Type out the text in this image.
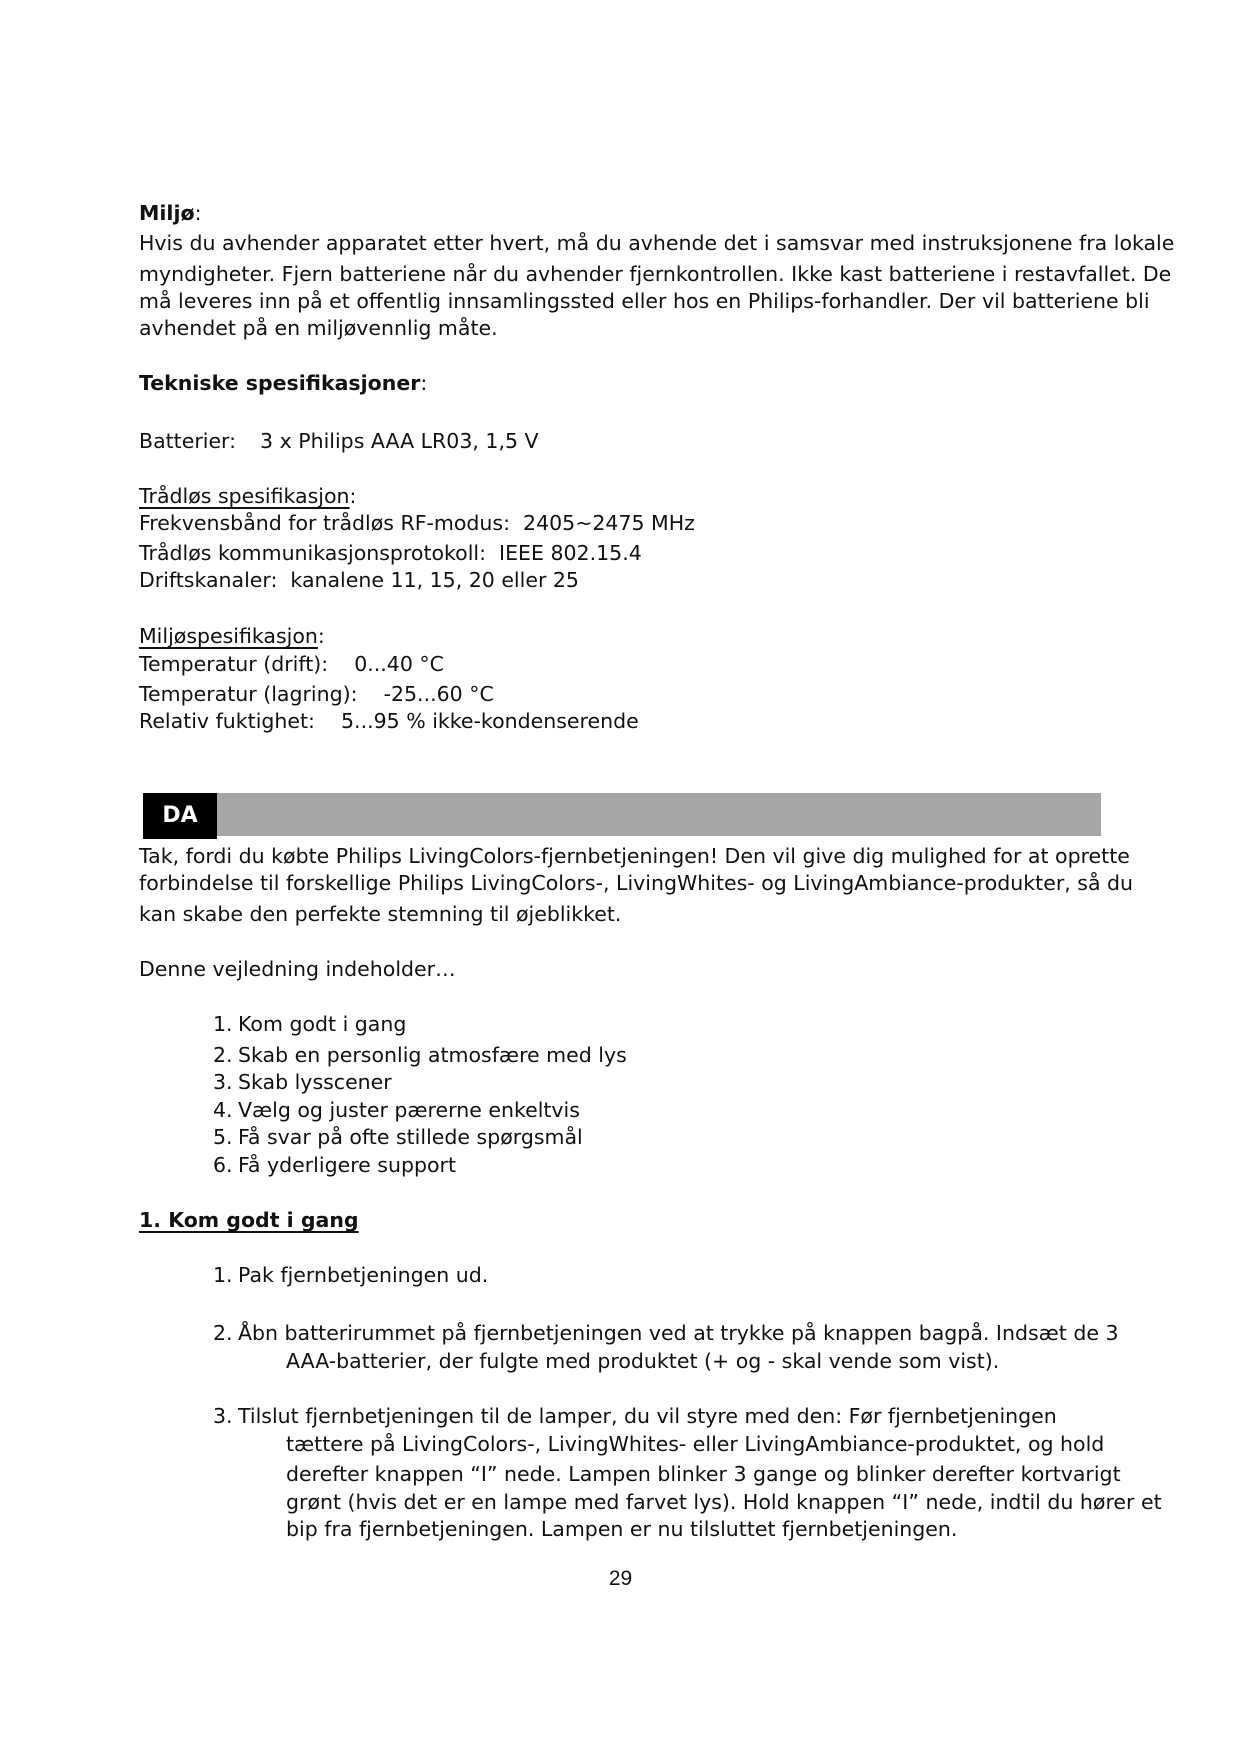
Miljø:
Hvis du avhender apparatet etter hvert, må du avhende det i samsvar med instruksjonene fra lokale
myndigheter. Fjern batteriene når du avhender fjernkontrollen. Ikke kast batteriene i restavfallet. De
må leveres inn på et offentlig innsamlingssted eller hos en Philips-forhandler. Der vil batteriene bli
avhendet på en miljøvennlig måte.
Tekniske spesifikasjoner:
Batterier: 3 x Philips AAA LR03, 1,5 V
Trådløs spesifikasjon:
Frekvensbånd for trådløs RF-modus:  2405~2475 MHz
Trådløs kommunikasjonsprotokoll:  IEEE 802.15.4
Driftskanaler:  kanalene 11, 15, 20 eller 25
Miljøspesifikasjon:
Temperatur (drift):    0...40 °C
Temperatur (lagring):    -25...60 °C
Relativ fuktighet:    5...95 % ikke-kondenserende
DA
Tak, fordi du købte Philips LivingColors-fjernbetjeningen! Den vil give dig mulighed for at oprette
forbindelse til forskellige Philips LivingColors-, LivingWhites- og LivingAmbiance-produkter, så du
kan skabe den perfekte stemning til øjeblikket.
Denne vejledning indeholder…
1. Kom godt i gang
2. Skab en personlig atmosfære med lys
3. Skab lysscener
4. Vælg og juster pærerne enkeltvis
5. Få svar på ofte stillede spørgsmål
6. Få yderligere support
1. Kom godt i gang
1. Pak fjernbetjeningen ud.
2. Åbn batterirummet på fjernbetjeningen ved at trykke på knappen bagpå. Indsæt de 3
AAA-batterier, der fulgte med produktet (+ og - skal vende som vist).
3. Tilslut fjernbetjeningen til de lamper, du vil styre med den: Før fjernbetjeningen
tættere på LivingColors-, LivingWhites- eller LivingAmbiance-produktet, og hold
derefter knappen “I” nede. Lampen blinker 3 gange og blinker derefter kortvarigt
grønt (hvis det er en lampe med farvet lys). Hold knappen “I” nede, indtil du hører et
bip fra fjernbetjeningen. Lampen er nu tilsluttet fjernbetjeningen.
29
